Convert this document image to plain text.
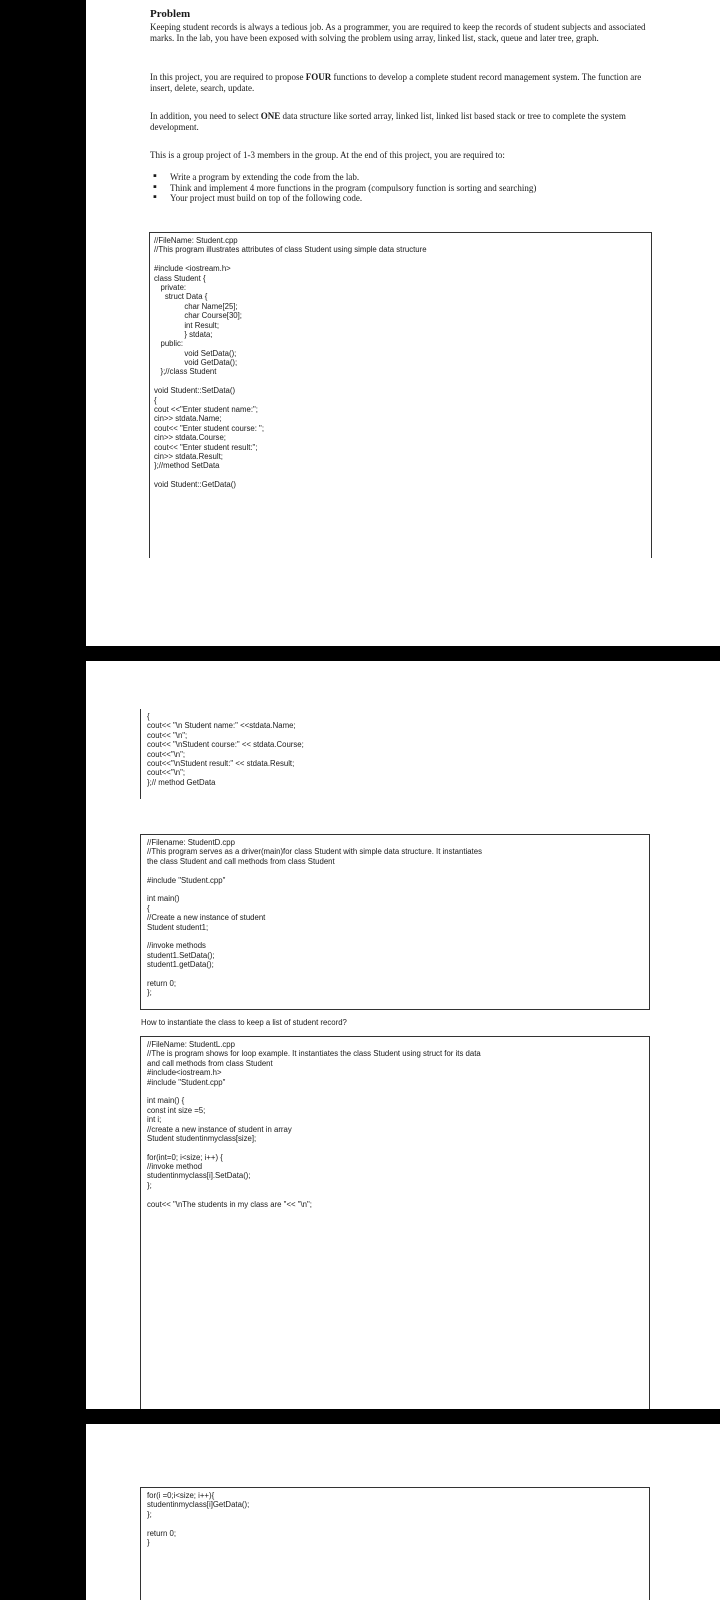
Problem

Keeping student records is always a tedious job. As a programmer, you are required to keep the records of student subjects and associated marks. In the lab, you have been exposed with solving the problem using array, linked list, stack, queue and later tree, graph.

In this project, you are required to propose FOUR functions to develop a complete student record management system. The function are insert, delete, search, update.

In addition, you need to select ONE data structure like sorted array, linked list, linked list based stack or tree to complete the system development.

This is a group project of 1-3 members in the group. At the end of this project, you are required to:

▪ Write a program by extending the code from the lab.
▪ Think and implement 4 more functions in the program (compulsory function is sorting and searching)
▪ Your project must build on top of the following code.
//FileName: Student.cpp
//This program illustrates attributes of class Student using simple data structure
#include <iostream.h>
class Student {
private:
struct Data {
char Name[25];
char Course[30];
int Result;
} stdata;
public:
void SetData();
void GetData();
};//class Student
void Student::SetData()
{
cout <<"Enter student name:";
cin>> stdata.Name;
cout<< "Enter student course: ";
cin>> stdata.Course;
cout<< "Enter student result:";
cin>> stdata.Result;
};//method SetData
void Student::GetData()
{
cout<< "\n Student name:" <<stdata.Name;
cout<< "\n";
cout<< "\nStudent course:" << stdata.Course;
cout<<"\n";
cout<<"\nStudent result:" << stdata.Result;
cout<<"\n";
};// method GetData
//Filename: StudentD.cpp
//This program serves as a driver(main)for class Student with simple data structure. It instantiates
the class Student and call methods from class Student
#include "Student.cpp"
int main()
{
//Create a new instance of student
Student student1;
//invoke methods
student1.SetData();
student1.getData();
return 0;
};
How to instantiate the class to keep a list of student record?
//FileName: StudentL.cpp
//The is program shows for loop example. It instantiates the class Student using struct for its data
and call methods from class Student
#include<iostream.h>
#include "Student.cpp"
int main() {
const int size =5;
int i;
//create a new instance of student in array
Student studentinmyclass[size];
for(int=0; i<size; i++) {
//invoke method
studentinmyclass[i].SetData();
};
cout<< "\nThe students in my class are "<< "\n";
for(i =0;i<size; i++){
studentinmyclass[i]GetData();
};
return 0;
}
